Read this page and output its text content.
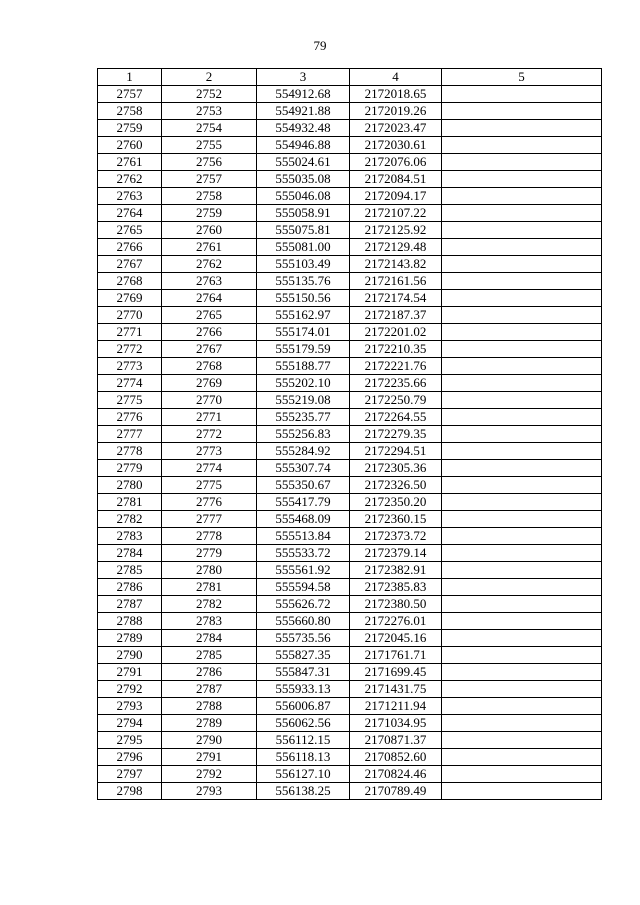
79
1	2	3	4	5
2757	2752	554912.68	2172018.65	
2758	2753	554921.88	2172019.26	
2759	2754	554932.48	2172023.47	
2760	2755	554946.88	2172030.61	
2761	2756	555024.61	2172076.06	
2762	2757	555035.08	2172084.51	
2763	2758	555046.08	2172094.17	
2764	2759	555058.91	2172107.22	
2765	2760	555075.81	2172125.92	
2766	2761	555081.00	2172129.48	
2767	2762	555103.49	2172143.82	
2768	2763	555135.76	2172161.56	
2769	2764	555150.56	2172174.54	
2770	2765	555162.97	2172187.37	
2771	2766	555174.01	2172201.02	
2772	2767	555179.59	2172210.35	
2773	2768	555188.77	2172221.76	
2774	2769	555202.10	2172235.66	
2775	2770	555219.08	2172250.79	
2776	2771	555235.77	2172264.55	
2777	2772	555256.83	2172279.35	
2778	2773	555284.92	2172294.51	
2779	2774	555307.74	2172305.36	
2780	2775	555350.67	2172326.50	
2781	2776	555417.79	2172350.20	
2782	2777	555468.09	2172360.15	
2783	2778	555513.84	2172373.72	
2784	2779	555533.72	2172379.14	
2785	2780	555561.92	2172382.91	
2786	2781	555594.58	2172385.83	
2787	2782	555626.72	2172380.50	
2788	2783	555660.80	2172276.01	
2789	2784	555735.56	2172045.16	
2790	2785	555827.35	2171761.71	
2791	2786	555847.31	2171699.45	
2792	2787	555933.13	2171431.75	
2793	2788	556006.87	2171211.94	
2794	2789	556062.56	2171034.95	
2795	2790	556112.15	2170871.37	
2796	2791	556118.13	2170852.60	
2797	2792	556127.10	2170824.46	
2798	2793	556138.25	2170789.49	
